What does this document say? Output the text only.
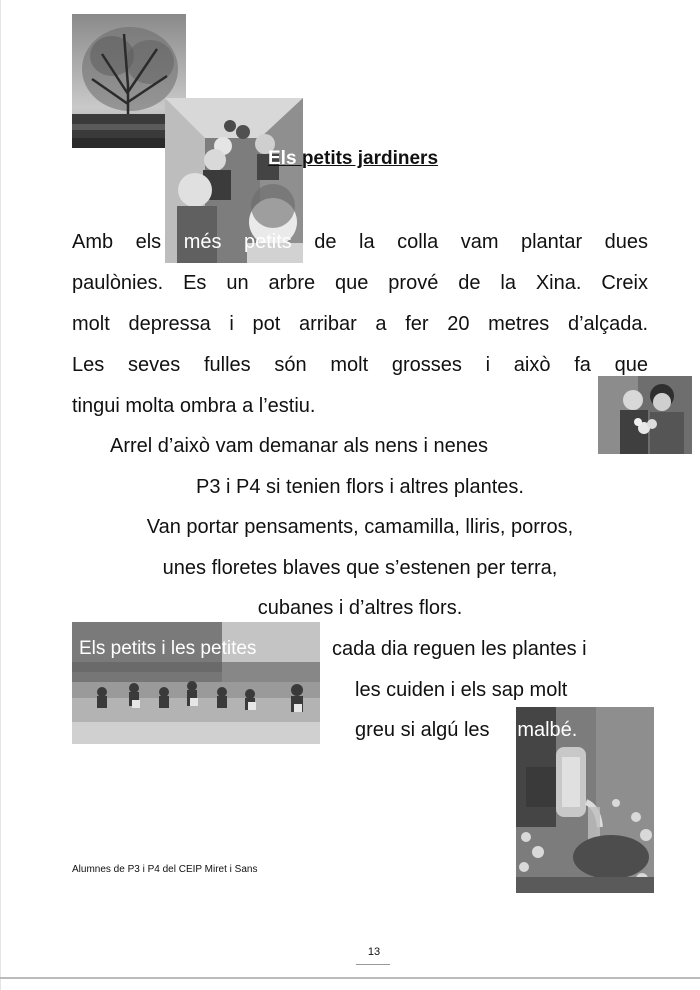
Els petits jardiners

Amb els més petits de la colla vam plantar dues

paulònies. Es un arbre que prové de la Xina. Creix

molt depressa i pot arribar a fer 20 metres d’alçada.

Les seves fulles són molt grosses i això fa que

tingui molta ombra a l’estiu.

Arrel d’això vam demanar als nens i nenes de

P3 i P4 si tenien flors i altres plantes.

Van portar pensaments, camamilla, lliris, porros,

unes floretes blaves que s’estenen per terra,

cubanes i d’altres flors.

Els petits i les petites	cada dia reguen les plantes i

les cuiden i els sap molt

greu si algú les fa malbé.

Alumnes de P3 i P4 del CEIP Miret i Sans

13
